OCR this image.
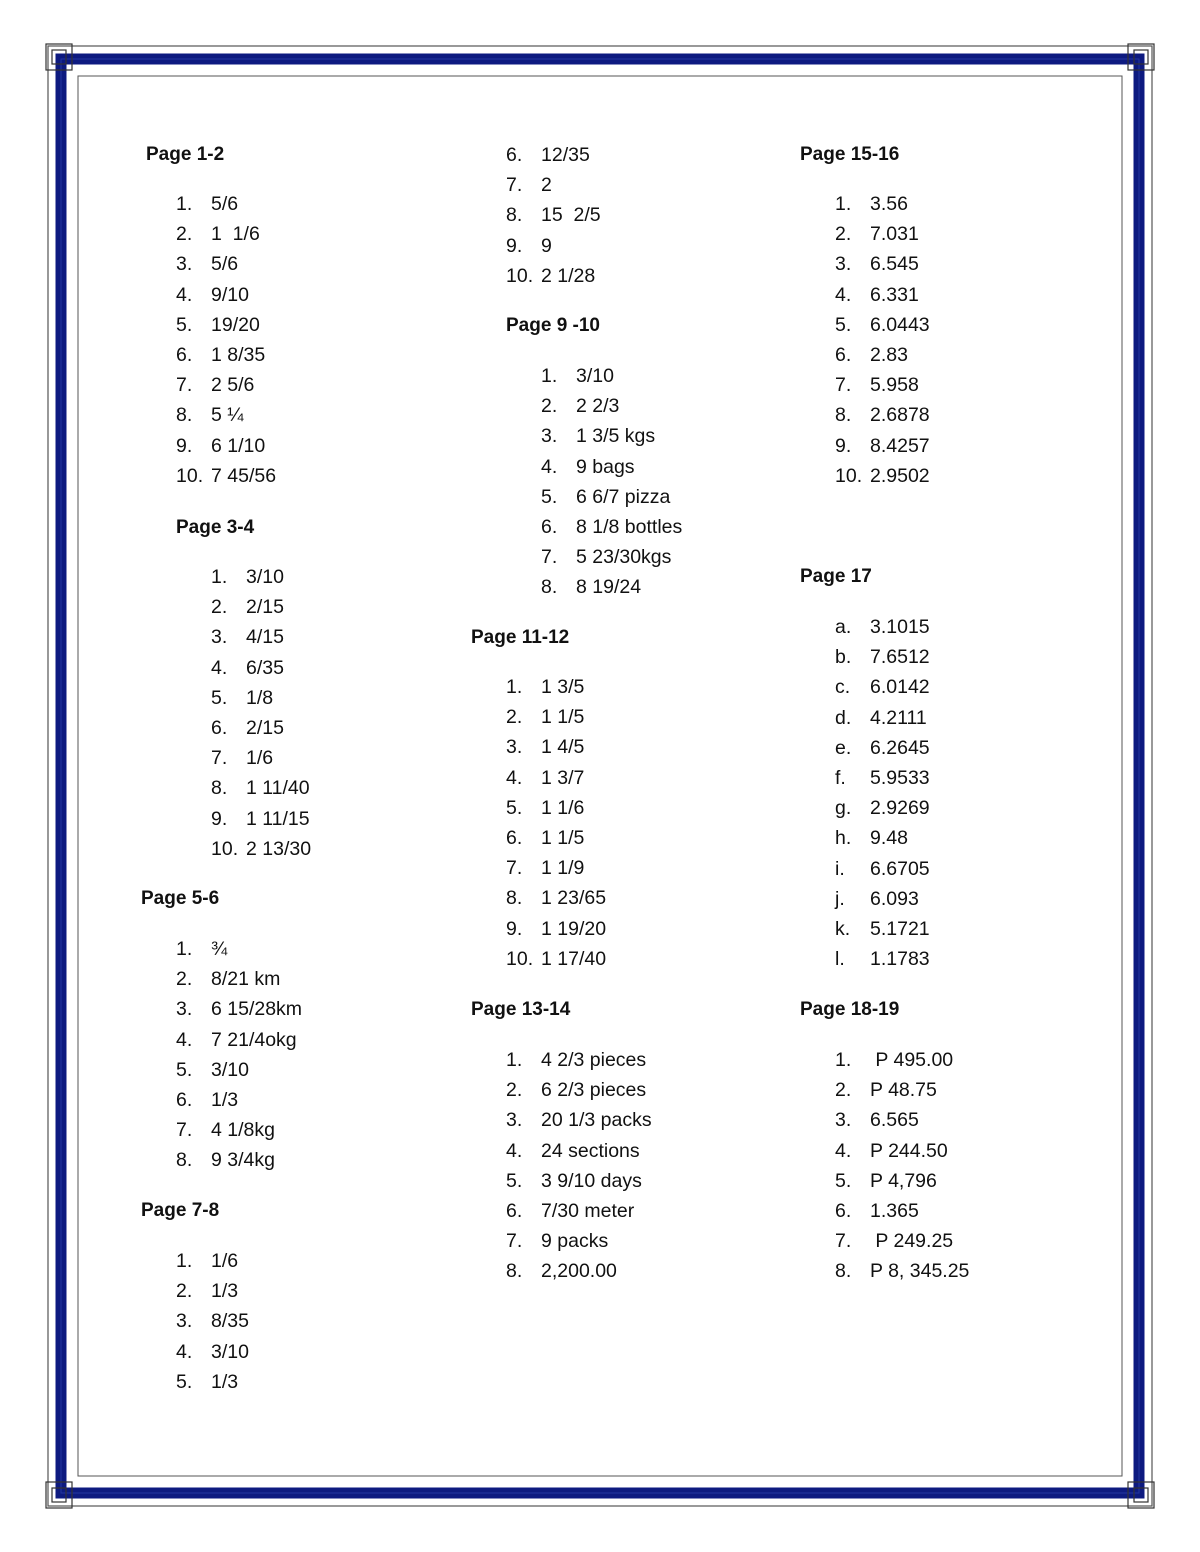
Page 1-2
1. 5/6
2. 1  1/6
3. 5/6
4. 9/10
5. 19/20
6. 1 8/35
7. 2 5/6
8. 5 ¼
9. 6 1/10
10. 7 45/56
Page 3-4
1. 3/10
2. 2/15
3. 4/15
4. 6/35
5. 1/8
6. 2/15
7. 1/6
8. 1 11/40
9. 1 11/15
10. 2 13/30
Page 5-6
1. ¾
2. 8/21 km
3. 6 15/28km
4. 7 21/4okg
5. 3/10
6. 1/3
7. 4 1/8kg
8. 9 3/4kg
Page 7-8
1. 1/6
2. 1/3
3. 8/35
4. 3/10
5. 1/3
6. 12/35
7. 2
8. 15  2/5
9. 9
10. 2 1/28
Page 9 -10
1. 3/10
2. 2 2/3
3. 1 3/5 kgs
4. 9 bags
5. 6 6/7 pizza
6. 8 1/8 bottles
7. 5 23/30kgs
8. 8 19/24
Page 11-12
1. 1 3/5
2. 1 1/5
3. 1 4/5
4. 1 3/7
5. 1 1/6
6. 1 1/5
7. 1 1/9
8. 1 23/65
9. 1 19/20
10. 1 17/40
Page 13-14
1. 4 2/3 pieces
2. 6 2/3 pieces
3. 20 1/3 packs
4. 24 sections
5. 3 9/10 days
6. 7/30 meter
7. 9 packs
8. 2,200.00
Page 15-16
1. 3.56
2. 7.031
3. 6.545
4. 6.331
5. 6.0443
6. 2.83
7. 5.958
8. 2.6878
9. 8.4257
10. 2.9502
Page 17
a. 3.1015
b. 7.6512
c. 6.0142
d. 4.2111
e. 6.2645
f. 5.9533
g. 2.9269
h. 9.48
i. 6.6705
j. 6.093
k. 5.1721
l. 1.1783
Page 18-19
1. P 495.00
2. P 48.75
3. 6.565
4. P 244.50
5. P 4,796
6. 1.365
7. P 249.25
8. P 8, 345.25
